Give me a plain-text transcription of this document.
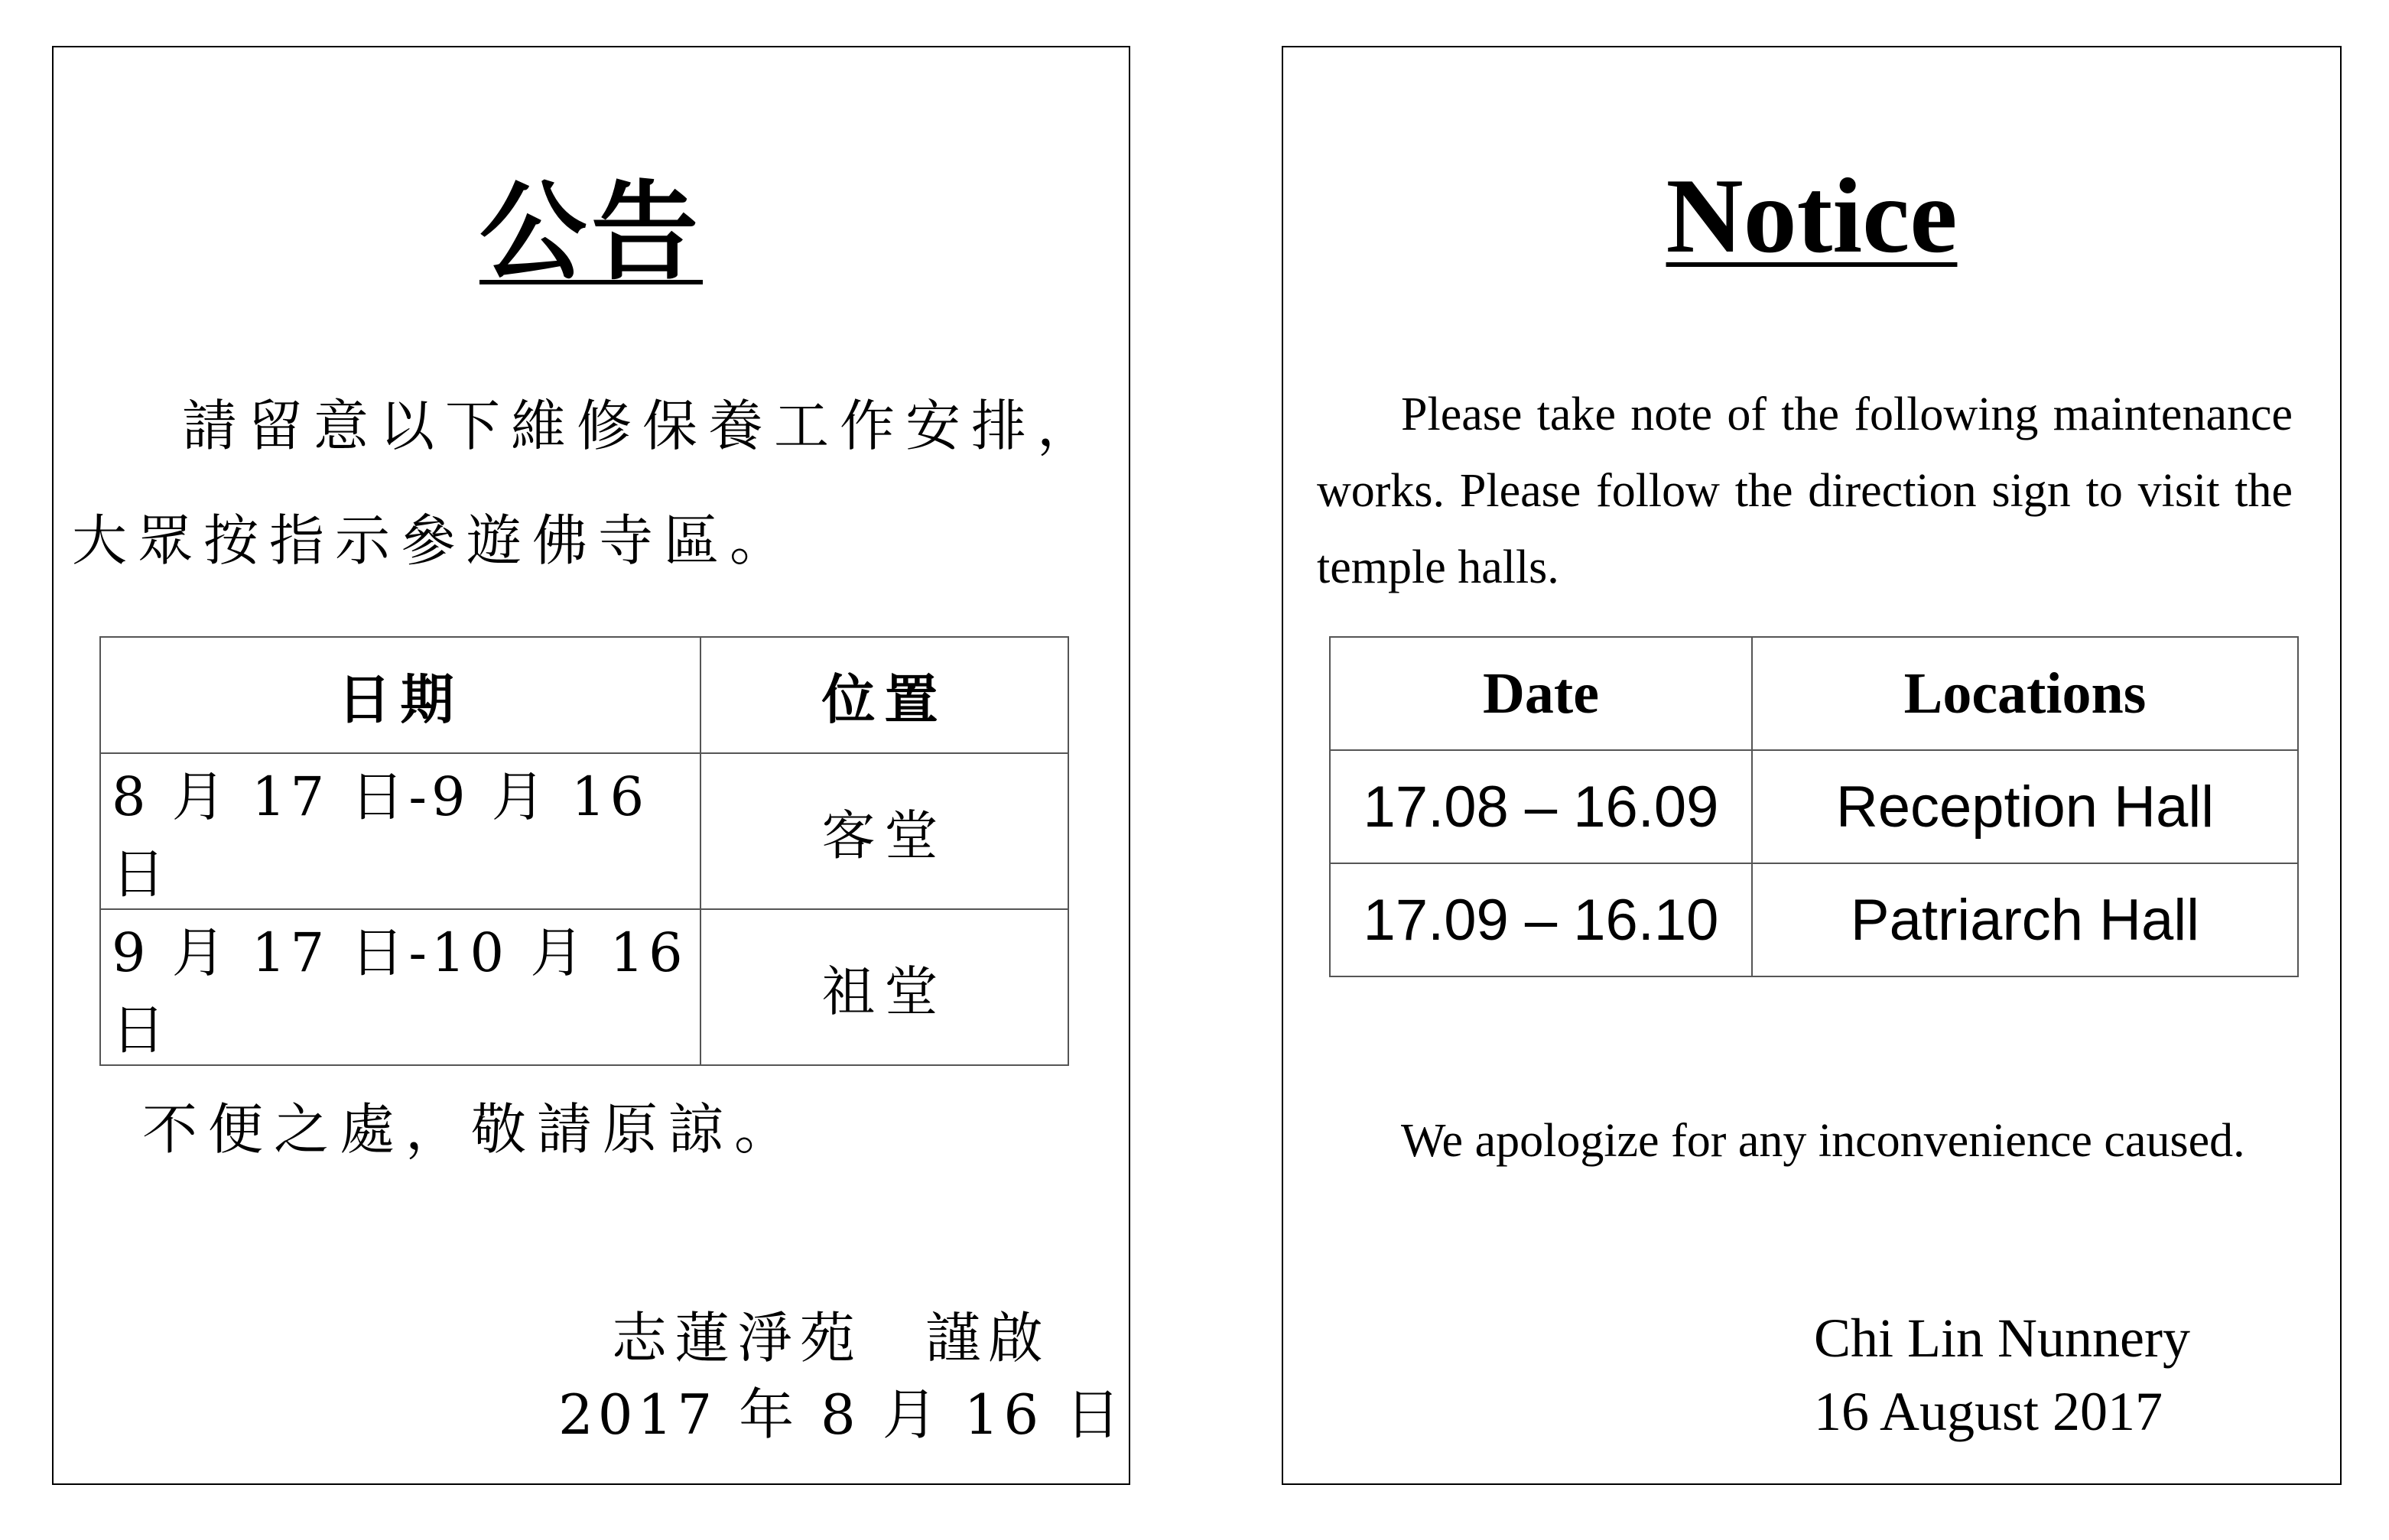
公告
請留意以下維修保養工作安排，
大眾按指示參遊佛寺區。
日期	位置
8 月 17 日-9 月 16 日	客堂
9 月 17 日-10 月 16 日	祖堂
不便之處，敬請原諒。
志蓮淨苑　謹啟
2017 年 8 月 16 日
Notice
Please take note of the following maintenance works. Please follow the direction sign to visit the temple halls.
Date	Locations
17.08 – 16.09	Reception Hall
17.09 – 16.10	Patriarch Hall
We apologize for any inconvenience caused.
Chi Lin Nunnery
16 August 2017
